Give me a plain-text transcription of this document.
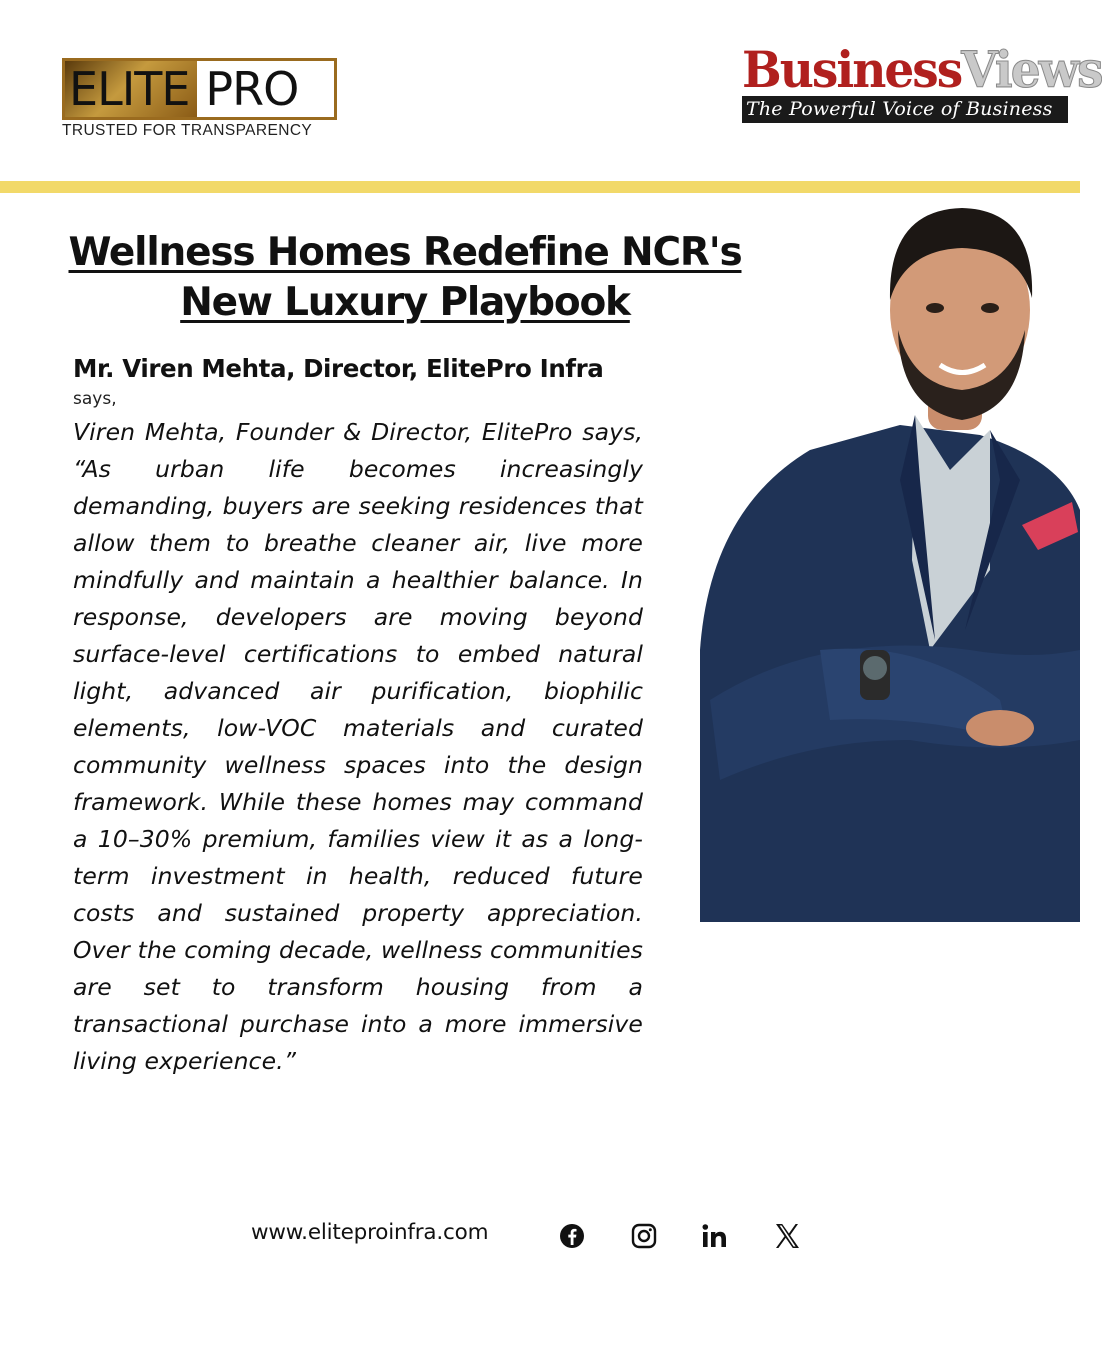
ELITE PRO
TRUSTED FOR TRANSPARENCY
BusinessViews
The Powerful Voice of Business
Wellness Homes Redefine NCR's
New Luxury Playbook
Mr. Viren Mehta, Director, ElitePro Infra
says,

Viren Mehta, Founder & Director, ElitePro says, “As urban life becomes increasingly demanding, buyers are seeking residences that allow them to breathe cleaner air, live more mindfully and maintain a healthier balance. In response, developers are moving beyond surface-level certifications to embed natural light, advanced air purification, biophilic elements, low-VOC materials and curated community wellness spaces into the design framework. While these homes may command a 10–30% premium, families view it as a long-term investment in health, reduced future costs and sustained property appreciation. Over the coming decade, wellness communities are set to transform housing from a transactional purchase into a more immersive living experience.”

www.eliteproinfra.com
